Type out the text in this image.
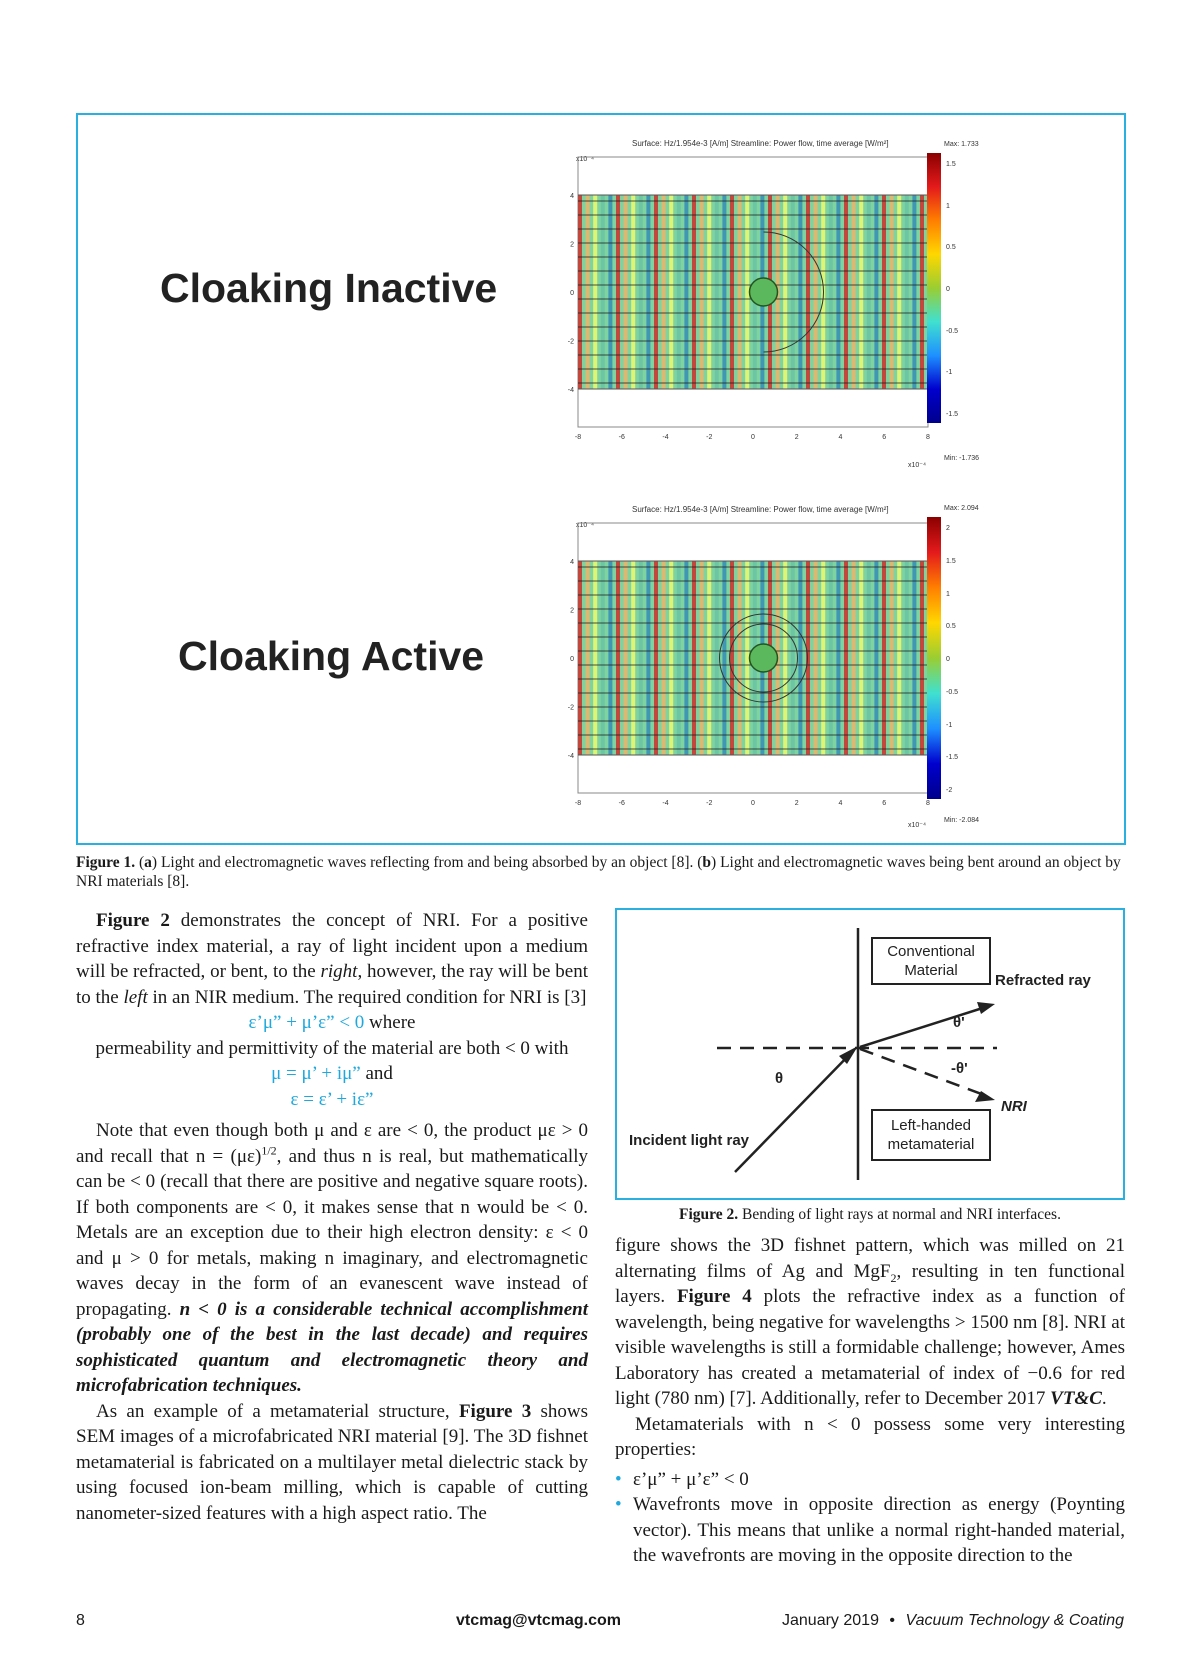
Cloaking Inactive
Cloaking Active
Surface: Hz/1.954e-3 [A/m] Streamline: Power flow, time average [W/m²]	Max: 1.733
Min: -1.736
x10⁻⁴
x10⁻⁴
4
2
0
-2
-4
-8	-6	-4	-2	0	2	4	6	8
1.5
1
0.5
0
-0.5
-1
-1.5
Surface: Hz/1.954e-3 [A/m] Streamline: Power flow, time average [W/m²]	Max: 2.094
Min: -2.084
x10⁻⁴
x10⁻⁴
4
2
0
-2
-4
-8	-6	-4	-2	0	2	4	6	8
2
1.5
1
0.5
0
-0.5
-1
-1.5
-2
Figure 1. (a) Light and electromagnetic waves reflecting from and being absorbed by an object [8]. (b) Light and electromagnetic waves being bent around an object by NRI materials [8].

Figure 2 demonstrates the concept of NRI. For a positive refractive index material, a ray of light incident upon a medium will be refracted, or bent, to the right, however, the ray will be bent to the left in an NIR medium. The required condition for NRI is [3]

ε’μ” + μ’ε” < 0 where

permeability and permittivity of the material are both < 0 with

μ = μ’ + iμ” and

ε = ε’ + iε”

Note that even though both μ and ε are < 0, the product με > 0 and recall that $n = (\mu\varepsilon)^{1/2}$, and thus n is real, but mathematically can be < 0 (recall that there are positive and negative square roots). If both components are < 0, it makes sense that n would be < 0. Metals are an exception due to their high electron density: ε < 0 and μ > 0 for metals, making n imaginary, and electromagnetic waves decay in the form of an evanescent wave instead of propagating. n < 0 is a considerable technical accomplishment (probably one of the best in the last decade) and requires sophisticated quantum and electromagnetic theory and microfabrication techniques.

As an example of a metamaterial structure, Figure 3 shows SEM images of a microfabricated NRI material [9]. The 3D fishnet metamaterial is fabricated on a multilayer metal dielectric stack by using focused ion-beam milling, which is capable of cutting nanometer-sized features with a high aspect ratio. The

Conventional
Material
Refracted ray
θ'
θ
-θ'
NRI
Incident light ray
Left-handed
metamaterial
Figure 2. Bending of light rays at normal and NRI interfaces.

figure shows the 3D fishnet pattern, which was milled on 21 alternating films of Ag and MgF$_2$, resulting in ten functional layers. Figure 4 plots the refractive index as a function of wavelength, being negative for wavelengths > 1500 nm [8]. NRI at visible wavelengths is still a formidable challenge; however, Ames Laboratory has created a metamaterial of index of −0.6 for red light (780 nm) [7]. Additionally, refer to December 2017 VT&C.

Metamaterials with n < 0 possess some very interesting properties:

• ε’μ” + μ’ε” < 0
• Wavefronts move in opposite direction as energy (Poynting vector). This means that unlike a normal right-handed material, the wavefronts are moving in the opposite direction to the
8	vtcmag@vtcmag.com	January 2019 • Vacuum Technology & Coating
